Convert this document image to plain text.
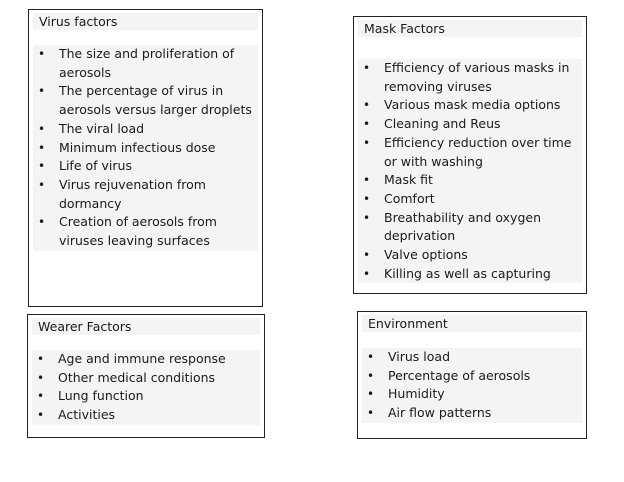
Virus factors
• The size and proliferation of aerosols
• The percentage of virus in aerosols versus larger droplets
• The viral load
• Minimum infectious dose
• Life of virus
• Virus rejuvenation from dormancy
• Creation of aerosols from viruses leaving surfaces
Mask Factors
• Efficiency of various masks in removing viruses
• Various mask media options
• Cleaning and Reus
• Efficiency reduction over time or with washing
• Mask fit
• Comfort
• Breathability and oxygen deprivation
• Valve options
• Killing as well as capturing
Wearer Factors
• Age and immune response
• Other medical conditions
• Lung function
• Activities
Environment
• Virus load
• Percentage of aerosols
• Humidity
• Air flow patterns
